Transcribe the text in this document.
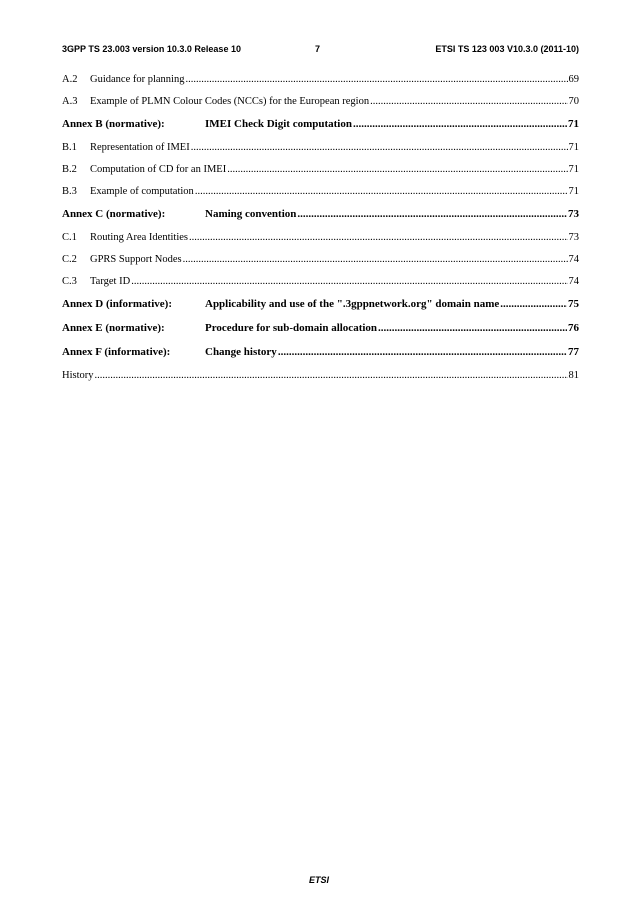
3GPP TS 23.003 version 10.3.0 Release 10	7	ETSI TS 123 003 V10.3.0 (2011-10)
A.2	Guidance for planning .....	69
A.3	Example of PLMN Colour Codes (NCCs) for the European region .....	70
Annex B (normative):	IMEI Check Digit computation .....	71
B.1	Representation of IMEI .....	71
B.2	Computation of CD for an IMEI .....	71
B.3	Example of computation .....	71
Annex C (normative):	Naming convention .....	73
C.1	Routing Area Identities .....	73
C.2	GPRS Support Nodes .....	74
C.3	Target ID .....	74
Annex D (informative):	Applicability and use of the ".3gppnetwork.org" domain name .....	75
Annex E (normative):	Procedure for sub-domain allocation .....	76
Annex F (informative):	Change history .....	77
History .....	81
ETSI
